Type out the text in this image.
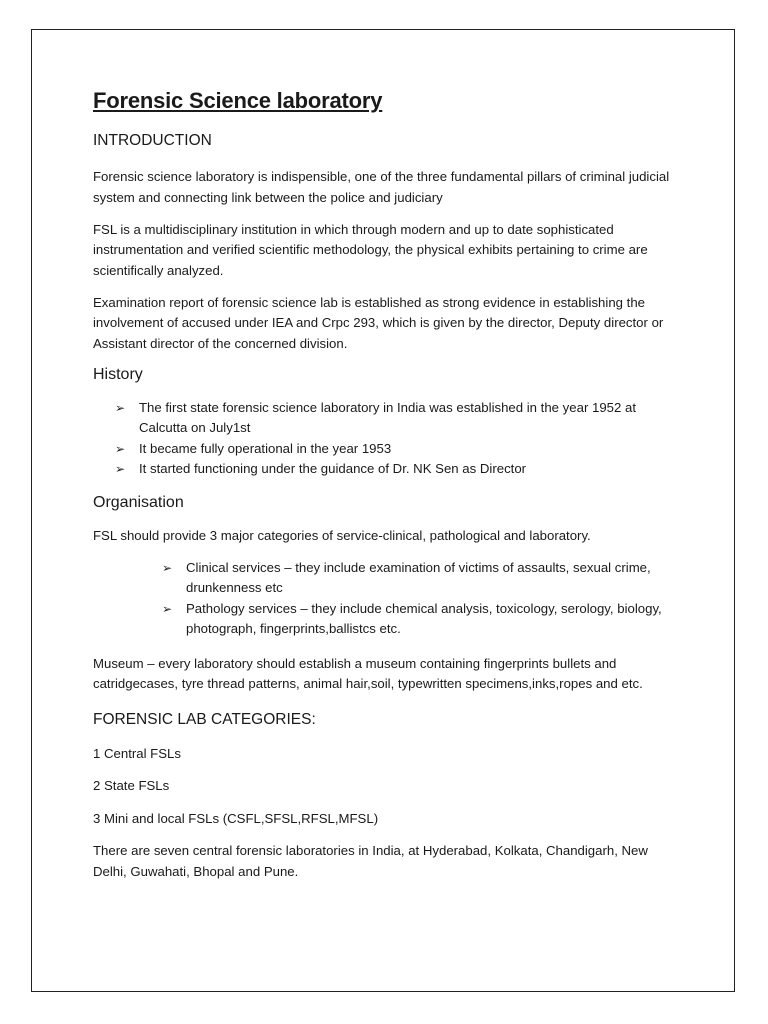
Forensic Science laboratory
INTRODUCTION

Forensic science laboratory is indispensible, one of the three fundamental pillars of criminal judicial system and connecting link between the police and judiciary

FSL is a multidisciplinary institution in which through modern and up to date sophisticated instrumentation and verified scientific methodology, the physical exhibits pertaining to crime are scientifically analyzed.

Examination report of forensic science lab is established as strong evidence in establishing the involvement of accused under IEA and Crpc 293, which is given by the director, Deputy director or Assistant director of the concerned division.

History
➢ The first state forensic science laboratory in India was established in the year 1952 at Calcutta on July1st
➢ It became fully operational in the year 1953
➢ It started functioning under the guidance of Dr. NK Sen as Director
Organisation

FSL should provide 3 major categories of service-clinical, pathological and laboratory.

➢ Clinical services – they include examination of victims of assaults, sexual crime, drunkenness etc
➢ Pathology services – they include chemical analysis, toxicology, serology, biology, photograph, fingerprints,ballistcs etc.

Museum – every laboratory should establish a museum containing fingerprints bullets and catridgecases, tyre thread patterns, animal hair,soil, typewritten specimens,inks,ropes and etc.

FORENSIC LAB CATEGORIES:

1 Central FSLs

2 State FSLs

3 Mini and local FSLs (CSFL,SFSL,RFSL,MFSL)

There are seven central forensic laboratories in India, at Hyderabad, Kolkata, Chandigarh, New Delhi, Guwahati, Bhopal and Pune.
